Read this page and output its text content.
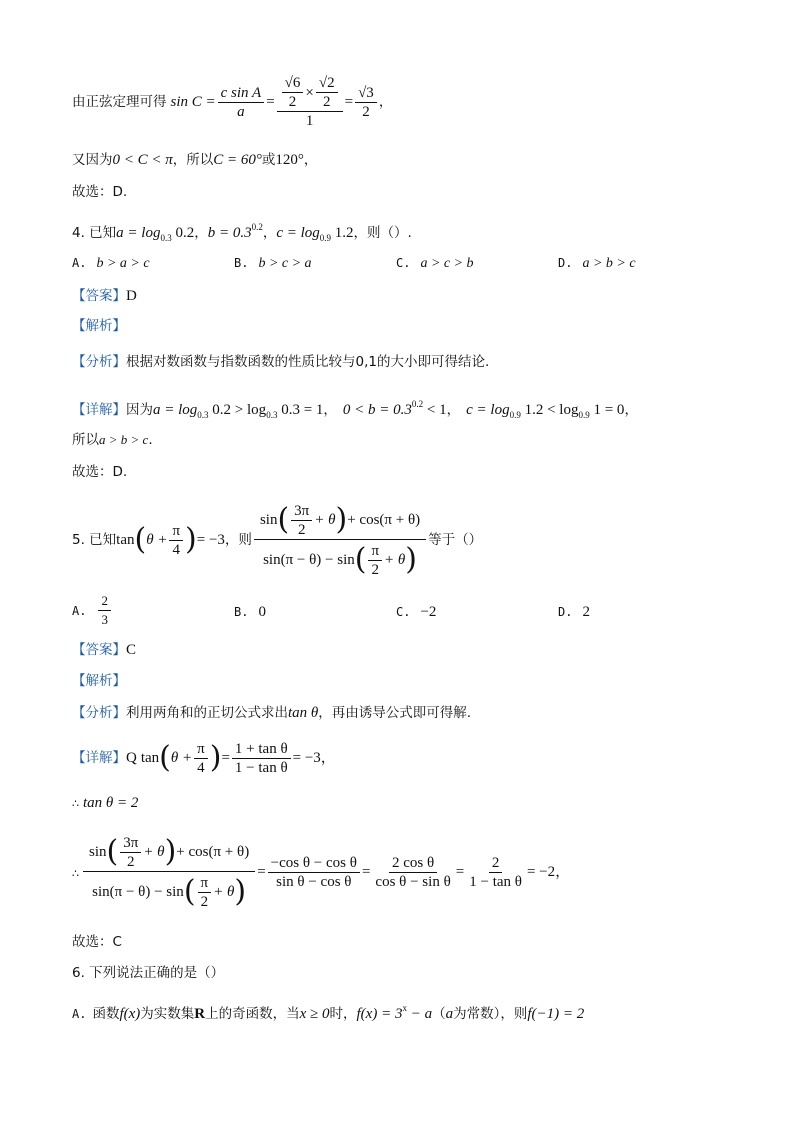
由正弦定理可得 $\sin C = \frac{\text{c sin A}}{a} = \frac{\frac{√6}{2} \times \frac{√2}{2}}{1} = \frac{√3}{2}$ ，
又因为0 < C < π，所以C = 60°或120°，
故选：D.
4. 已知$a = \log_{0.3} 0.2$，$b = 0.3^{0.2}$，$c = \log_{0.9} 1.2$，则（）.
A. b > a > c	B. b > c > a	C. a > c > b	D. a > b > c
【答案】D
【解析】
【分析】根据对数函数与指数函数的性质比较与0,1的大小即可得结论.
【详解】因为$a = \log_{0.3} 0.2 > \log_{0.3} 0.3 = 1$， $0 < b = 0.3^{0.2} < 1$， $c = \log_{0.9} 1.2 < \log_{0.9} 1 = 0$，
所以a > b > c.
故选：D.
5. 已知 tan ( $\theta + \frac{\pi}{4}$ ) = −3 ，则 $\frac{\sin ( \frac{3\pi}{2} + \theta ) + \cos(\pi + \theta)}{\sin(\pi - \theta) - \sin ( \frac{\pi}{2} + \theta )}$ 等于（）
A. $\frac{2}{3}$	B. 0	C. −2	D. 2
【答案】C
【解析】
【分析】利用两角和的正切公式求出tan θ，再由诱导公式即可得解.
【详解】 Q tan ( $\theta + \frac{\pi}{4}$ ) = $\frac{\text{1 + tan θ}}{\text{1 − tan θ}} = -3$，
∴ tan θ = 2
∴ $\frac{\sin ( \frac{3\pi}{2} + \theta ) + \cos(\pi + \theta)}{\sin(\pi - \theta) - \sin ( \frac{\pi}{2} + \theta )} = \frac{\text{−cos θ − cos θ}}{\text{sin θ − cos θ}} = \frac{\text{2 cos θ}}{\text{cos θ − sin θ}} = \frac{2}{\text{1 − tan θ}} = -2$，
故选：C
6. 下列说法正确的是（）
A. 函数f(x)为实数集R上的奇函数，当x ≥ 0时，$f(x) = 3^x - a(a$为常数），则f(−1) = 2
